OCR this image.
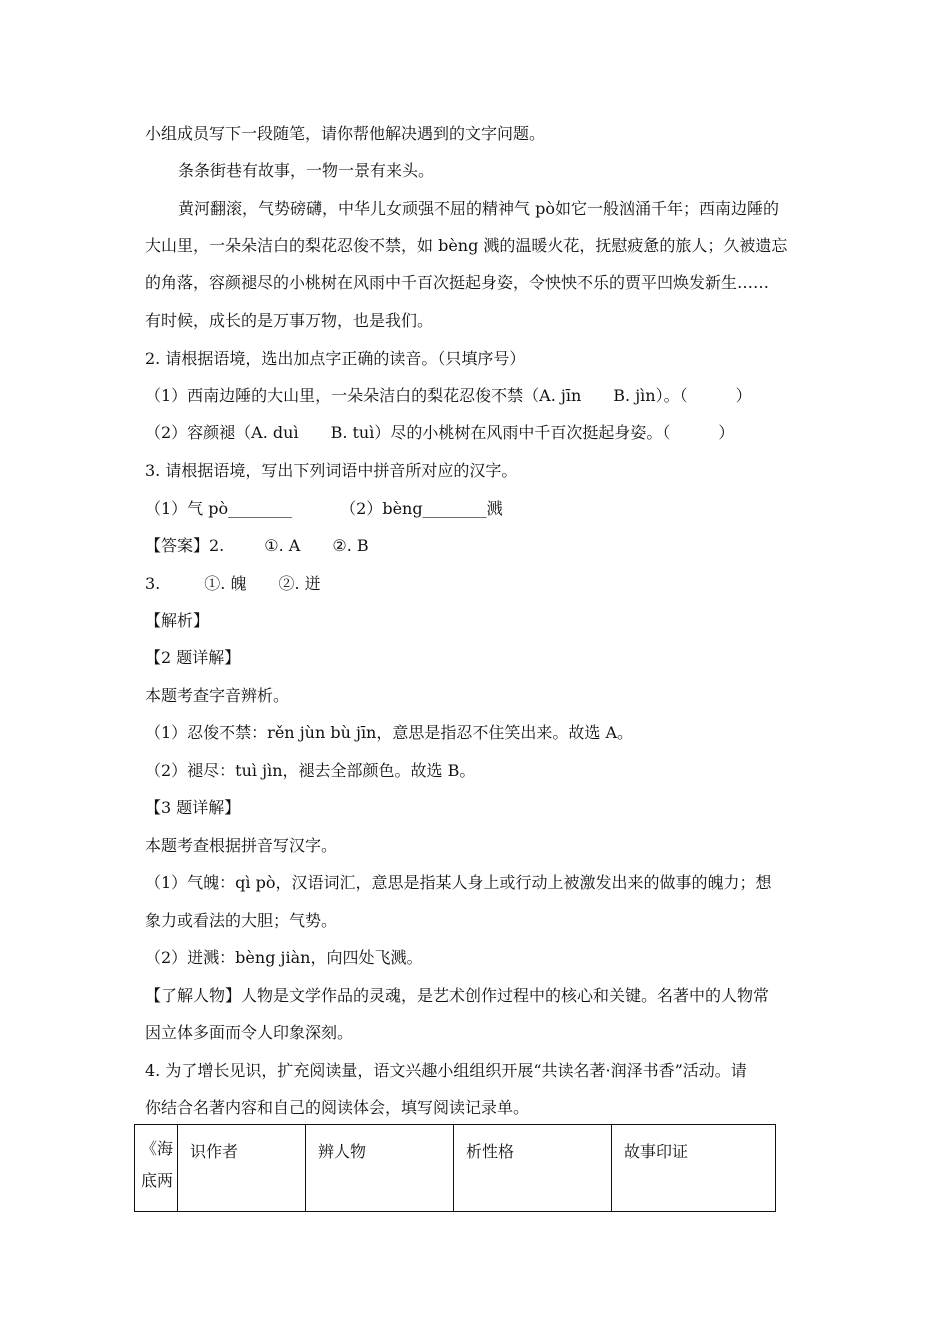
小组成员写下一段随笔，请你帮他解决遇到的文字问题。
条条街巷有故事，一物一景有来头。
黄河翻滚，气势磅礴，中华儿女顽强不屈的精神气 pò如它一般汹涌千年；西南边陲的
大山里，一朵朵洁白的梨花忍俊不禁，如 bèng 溅的温暖火花，抚慰疲惫的旅人；久被遗忘
的角落，容颜褪尽的小桃树在风雨中千百次挺起身姿，令怏怏不乐的贾平凹焕发新生……
有时候，成长的是万事万物，也是我们。
2. 请根据语境，选出加点字正确的读音。（只填序号）
（1）西南边陲的大山里，一朵朵洁白的梨花忍俊不禁（A. jīn　　B. jìn）。（　　　）
（2）容颜褪（A. duì　　B. tuì）尽的小桃树在风雨中千百次挺起身姿。（　　　）
3. 请根据语境，写出下列词语中拼音所对应的汉字。
（1）气 pò________	（2）bèng________溅
【答案】2.	①. A ②. B
3.	①. 魄 ②. 迸
【解析】
【2 题详解】
本题考查字音辨析。
（1）忍俊不禁：rěn jùn bù jīn，意思是指忍不住笑出来。故选 A。
（2）褪尽：tuì jìn，褪去全部颜色。故选 B。
【3 题详解】
本题考查根据拼音写汉字。
（1）气魄：qì pò，汉语词汇，意思是指某人身上或行动上被激发出来的做事的魄力；想
象力或看法的大胆；气势。
（2）迸溅：bèng jiàn，向四处飞溅。
【了解人物】人物是文学作品的灵魂，是艺术创作过程中的核心和关键。名著中的人物常
因立体多面而令人印象深刻。
4. 为了增长见识，扩充阅读量，语文兴趣小组组织开展“共读名著·润泽书香”活动。请
你结合名著内容和自己的阅读体会，填写阅读记录单。
《海底两	识作者	辨人物	析性格	故事印证
